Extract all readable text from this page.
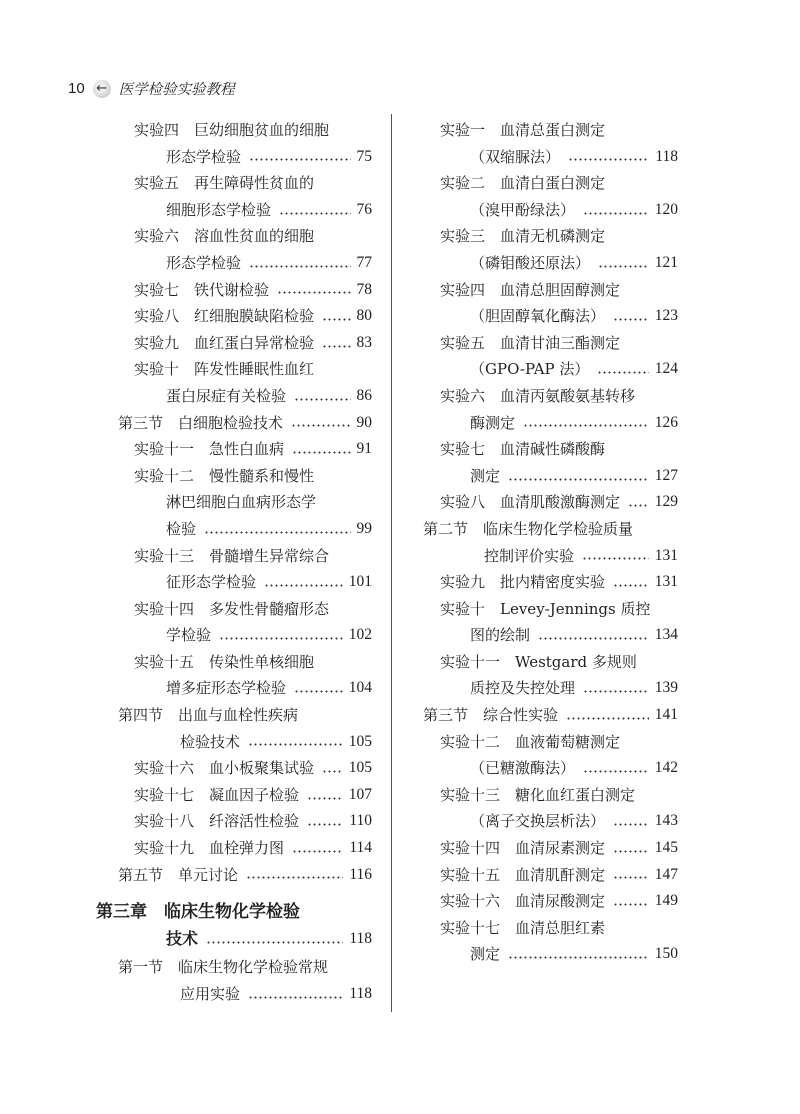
10 ← 医学检验实验教程
实验四　巨幼细胞贫血的细胞
形态学检验	75
实验五　再生障碍性贫血的
细胞形态学检验	76
实验六　溶血性贫血的细胞
形态学检验	77
实验七　铁代谢检验	78
实验八　红细胞膜缺陷检验	80
实验九　血红蛋白异常检验	83
实验十　阵发性睡眠性血红
蛋白尿症有关检验	86
第三节　白细胞检验技术	90
实验十一　急性白血病	91
实验十二　慢性髓系和慢性
淋巴细胞白血病形态学
检验	99
实验十三　骨髓增生异常综合
征形态学检验	101
实验十四　多发性骨髓瘤形态
学检验	102
实验十五　传染性单核细胞
增多症形态学检验	104
第四节　出血与血栓性疾病
检验技术	105
实验十六　血小板聚集试验 105
实验十七　凝血因子检验	107
实验十八　纤溶活性检验	110
实验十九　血栓弹力图	114
第五节　单元讨论	116
第三章　临床生物化学检验
技术	118
第一节　临床生物化学检验常规
应用实验	118
实验一　血清总蛋白测定
（双缩脲法）	118
实验二　血清白蛋白测定
（溴甲酚绿法）	120
实验三　血清无机磷测定
（磷钼酸还原法）	121
实验四　血清总胆固醇测定
（胆固醇氧化酶法）	123
实验五　血清甘油三酯测定
（GPO-PAP 法）	124
实验六　血清丙氨酸氨基转移
酶测定	126
实验七　血清碱性磷酸酶
测定	127
实验八　血清肌酸激酶测定 129
第二节　临床生物化学检验质量
控制评价实验	131
实验九　批内精密度实验	131
实验十　Levey-Jennings 质控
图的绘制	134
实验十一　Westgard 多规则
质控及失控处理	139
第三节　综合性实验	141
实验十二　血液葡萄糖测定
（已糖激酶法）	142
实验十三　糖化血红蛋白测定
（离子交换层析法）	143
实验十四　血清尿素测定	145
实验十五　血清肌酐测定	147
实验十六　血清尿酸测定	149
实验十七　血清总胆红素
测定	150
